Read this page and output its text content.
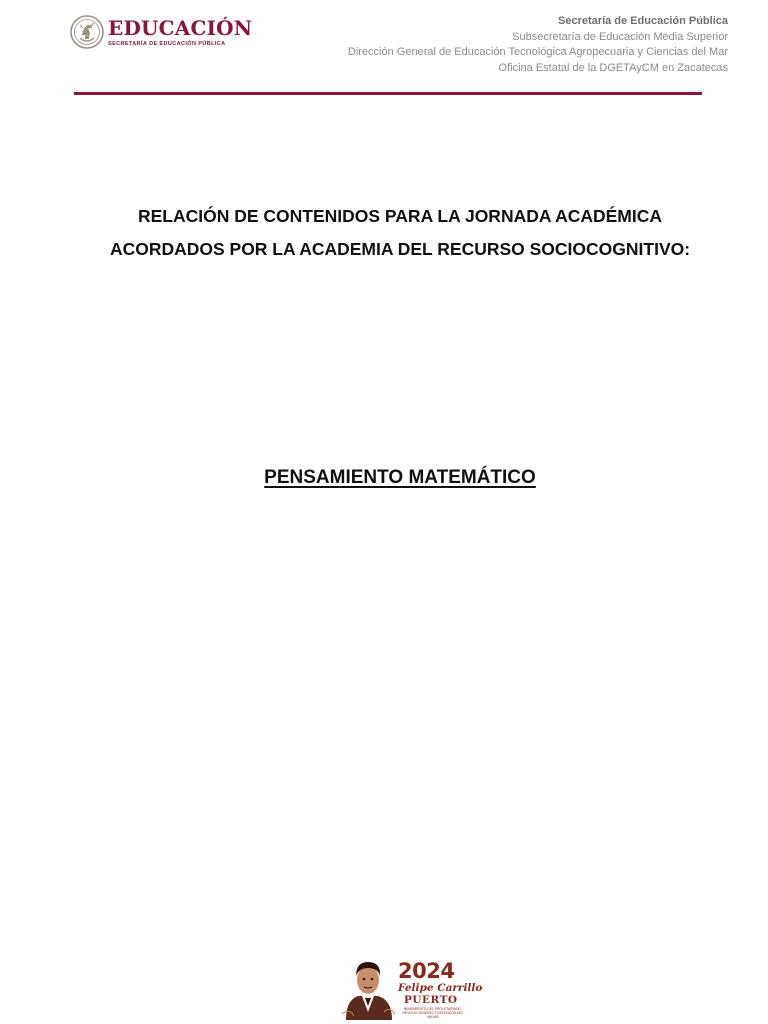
EDUCACIÓN
SECRETARÍA DE EDUCACIÓN PÚBLICA
Secretaría de Educación Pública
Subsecretaría de Educación Media Superior
Dirección General de Educación Tecnológica Agropecuaria y Ciencias del Mar
Oficina Estatal de la DGETAyCM en Zacatecas
RELACIÓN DE CONTENIDOS PARA LA JORNADA ACADÉMICA
ACORDADOS POR LA ACADEMIA DEL RECURSO SOCIOCOGNITIVO:
PENSAMIENTO MATEMÁTICO
2024
Felipe Carrillo
PUERTO
BENEMÉRITO DEL PROLETARIADO, REVOLUCIONARIO Y DEFENSOR DEL MAYAB
